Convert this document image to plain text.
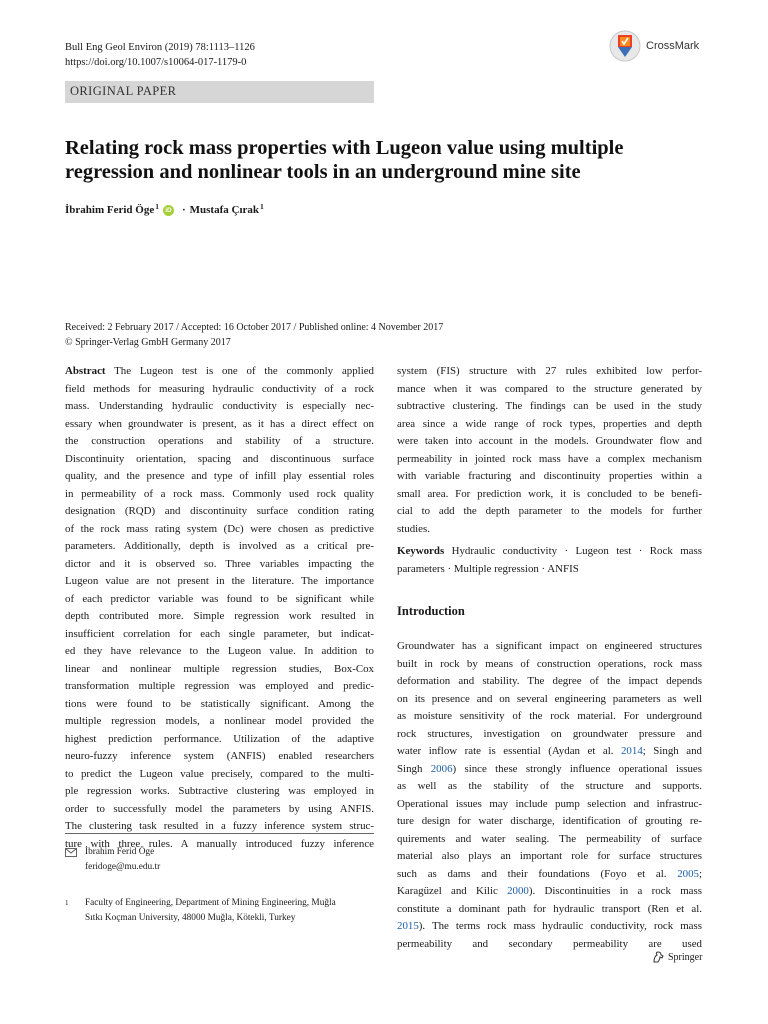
Bull Eng Geol Environ (2019) 78:1113–1126
https://doi.org/10.1007/s10064-017-1179-0
CrossMark
ORIGINAL PAPER
Relating rock mass properties with Lugeon value using multiple
regression and nonlinear tools in an underground mine site
İbrahim Ferid Öge$^1$ iD · Mustafa Çırak$^1$
Received: 2 February 2017 / Accepted: 16 October 2017 / Published online: 4 November 2017
© Springer-Verlag GmbH Germany 2017
Abstract The Lugeon test is one of the commonly applied
field methods for measuring hydraulic conductivity of a rock
mass. Understanding hydraulic conductivity is especially nec-
essary when groundwater is present, as it has a direct effect on
the construction operations and stability of a structure.
Discontinuity orientation, spacing and discontinuous surface
quality, and the presence and type of infill play essential roles
in permeability of a rock mass. Commonly used rock quality
designation (RQD) and discontinuity surface condition rating
of the rock mass rating system (Dc) were chosen as predictive
parameters. Additionally, depth is involved as a critical pre-
dictor and it is observed so. Three variables impacting the
Lugeon value are not present in the literature. The importance
of each predictor variable was found to be significant while
depth contributed more. Simple regression work resulted in
insufficient correlation for each single parameter, but indicat-
ed they have relevance to the Lugeon value. In addition to
linear and nonlinear multiple regression studies, Box-Cox
transformation multiple regression was employed and predic-
tions were found to be statistically significant. Among the
multiple regression models, a nonlinear model provided the
highest prediction performance. Utilization of the adaptive
neuro-fuzzy inference system (ANFIS) enabled researchers
to predict the Lugeon value precisely, compared to the multi-
ple regression works. Subtractive clustering was employed in
order to successfully model the parameters by using ANFIS.
The clustering task resulted in a fuzzy inference system struc-
ture with three rules. A manually introduced fuzzy inference
system (FIS) structure with 27 rules exhibited low perfor-
mance when it was compared to the structure generated by
subtractive clustering. The findings can be used in the study
area since a wide range of rock types, properties and depth
were taken into account in the models. Groundwater flow and
permeability in jointed rock mass have a complex mechanism
with variable fracturing and discontinuity properties within a
small area. For prediction work, it is concluded to be benefi-
cial to add the depth parameter to the models for further
studies.
Keywords Hydraulic conductivity · Lugeon test · Rock mass
parameters · Multiple regression · ANFIS
Introduction
Groundwater has a significant impact on engineered structures
built in rock by means of construction operations, rock mass
deformation and stability. The degree of the impact depends
on its presence and on several engineering parameters as well
as moisture sensitivity of the rock material. For underground
rock structures, investigation on groundwater pressure and
water inflow rate is essential (Aydan et al. 2014; Singh and
Singh 2006) since these strongly influence operational issues
as well as the stability of the structure and supports.
Operational issues may include pump selection and infrastruc-
ture design for water discharge, identification of grouting re-
quirements and water sealing. The permeability of surface
material also plays an important role for surface structures
such as dams and their foundations (Foyo et al. 2005;
Karagüzel and Kilic 2000). Discontinuities in a rock mass
constitute a dominant path for hydraulic transport (Ren et al.
2015). The terms rock mass hydraulic conductivity, rock mass
permeability and secondary permeability are used
İbrahim Ferid Öge
feridoge@mu.edu.tr
1	Faculty of Engineering, Department of Mining Engineering, Muğla
Sıtkı Koçman University, 48000 Muğla, Kötekli, Turkey
Springer
